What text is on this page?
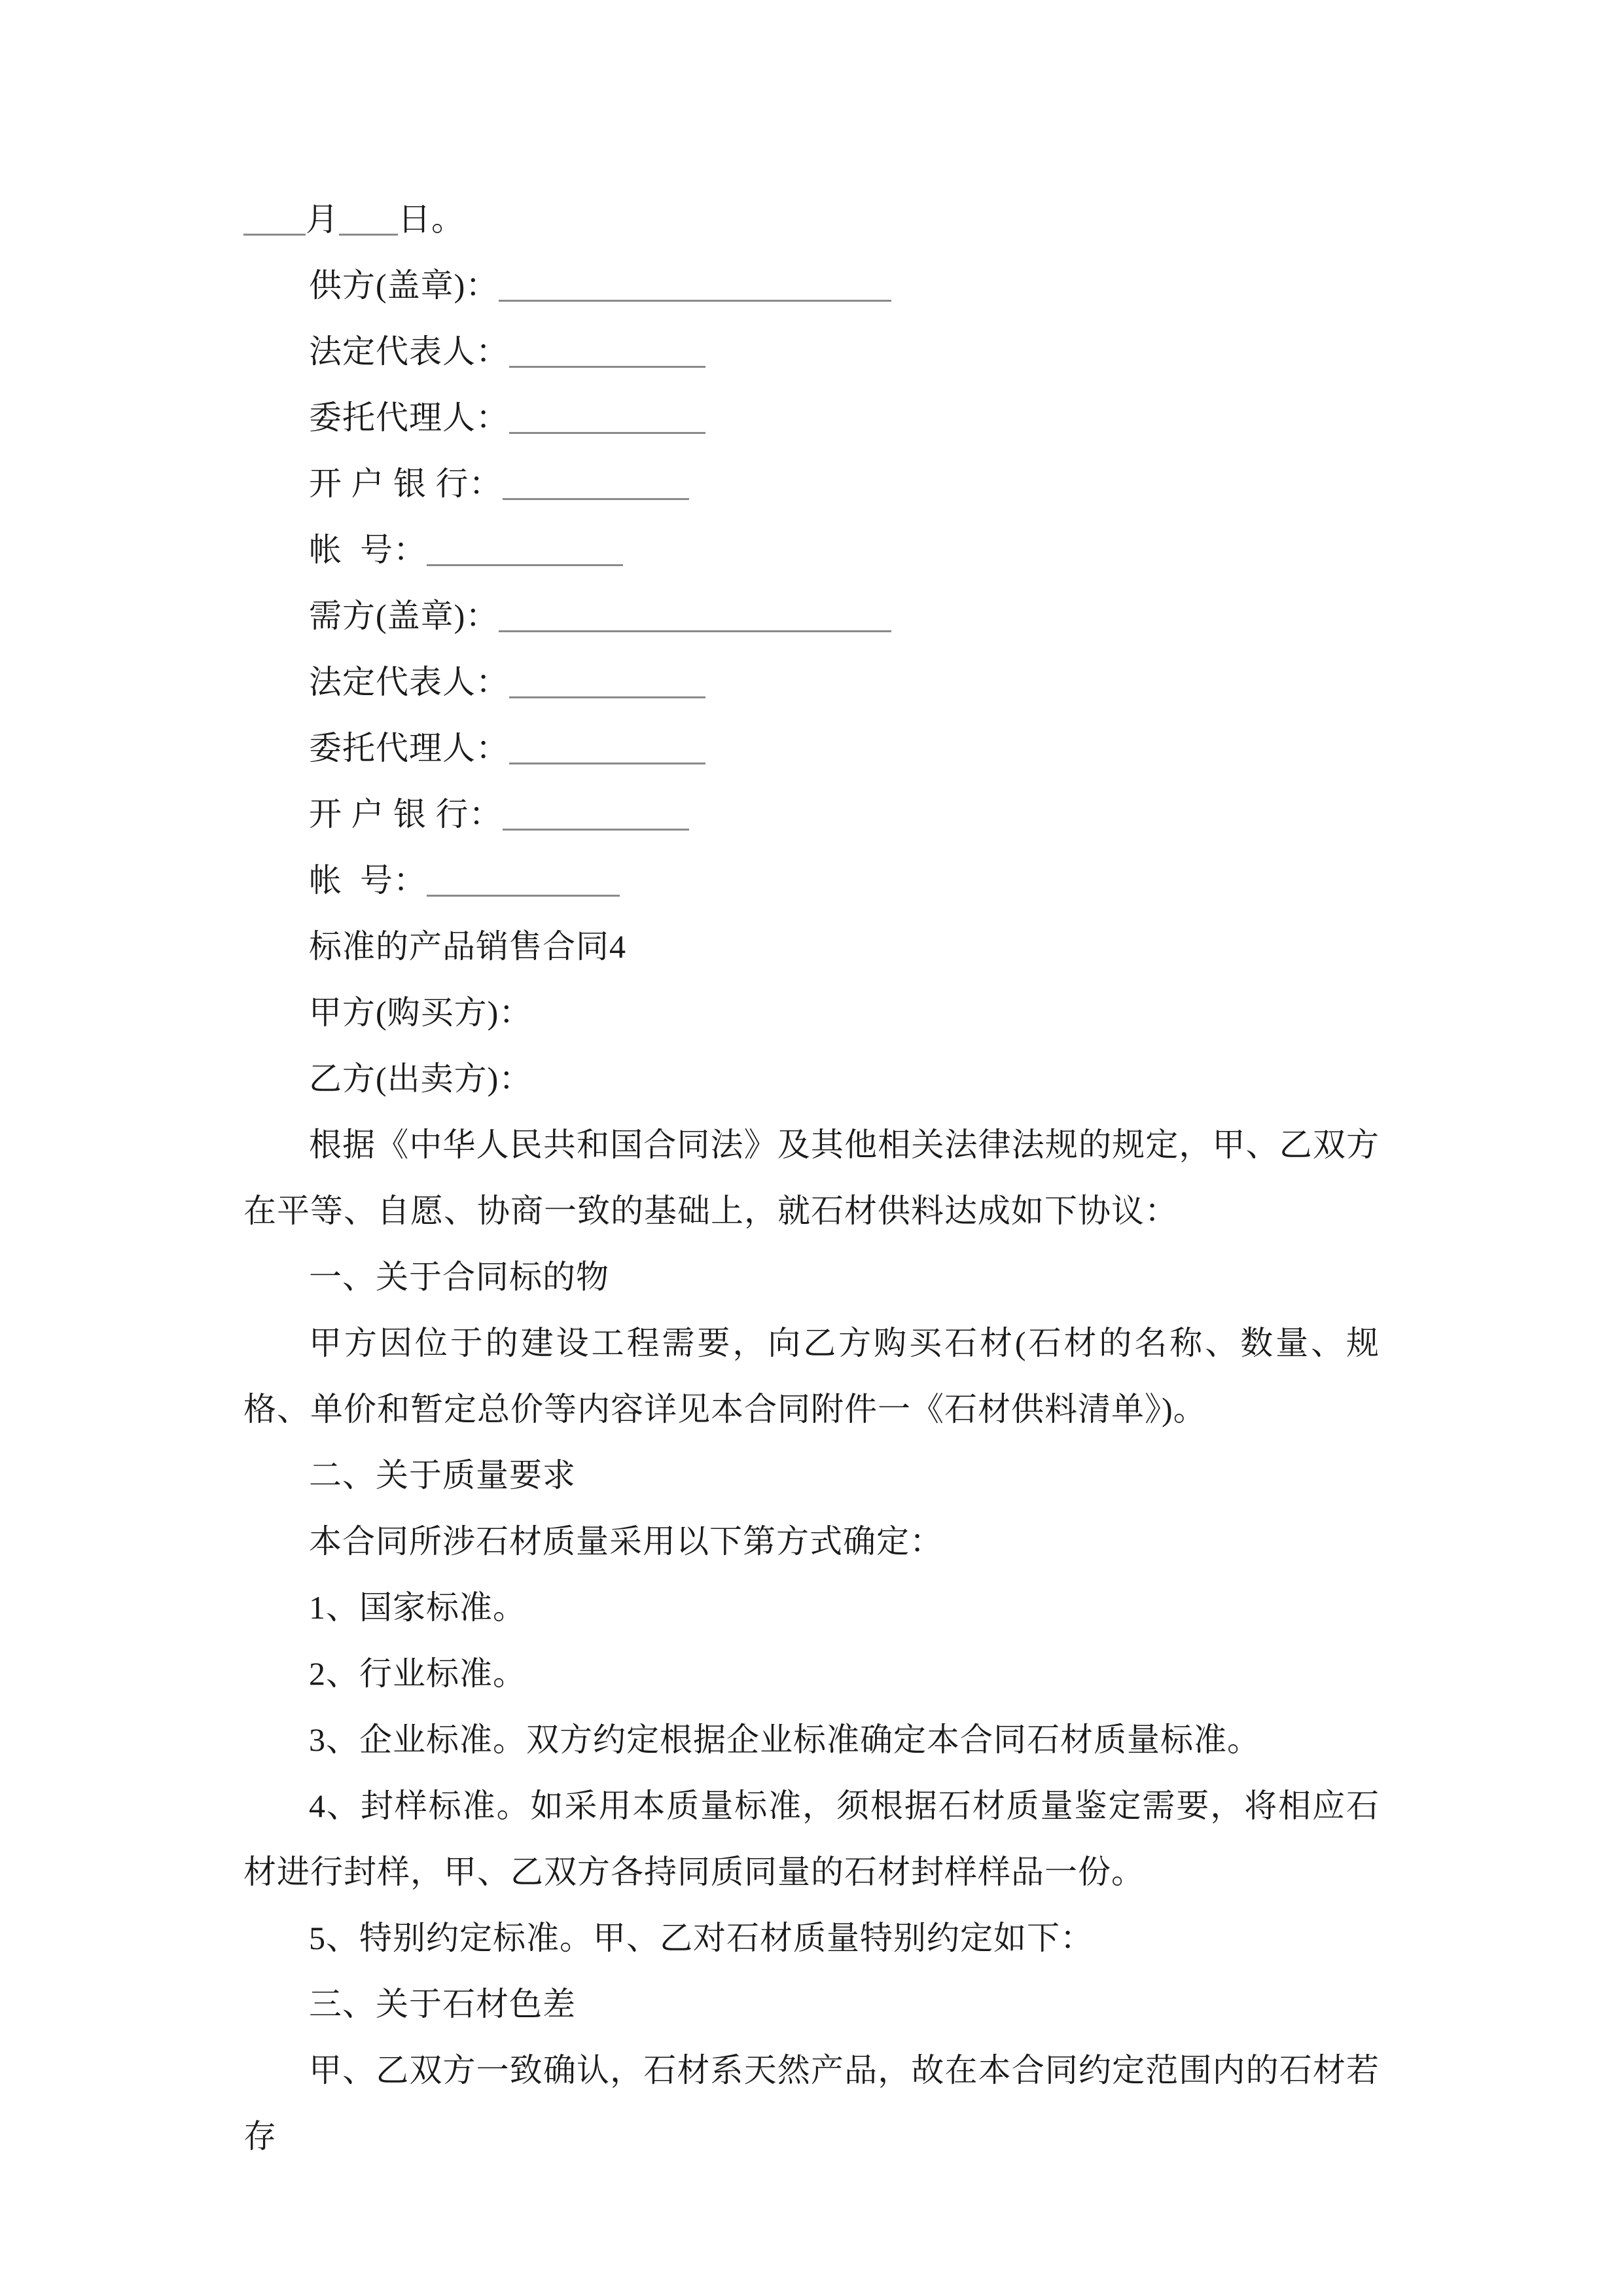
月 日。

供方(盖章)：

法定代表人：

委托代理人：

开 户 银 行：

帐  号：

需方(盖章)：

法定代表人：

委托代理人：

开 户 银 行：

帐  号：

标准的产品销售合同4

甲方(购买方)：

乙方(出卖方)：

根据《中华人民共和国合同法》及其他相关法律法规的规定，甲、乙双方在平等、自愿、协商一致的基础上，就石材供料达成如下协议：

一、关于合同标的物

甲方因位于的建设工程需要，向乙方购买石材(石材的名称、数量、规格、单价和暂定总价等内容详见本合同附件一《石材供料清单》)。

二、关于质量要求

本合同所涉石材质量采用以下第方式确定：

1、国家标准。

2、行业标准。

3、企业标准。双方约定根据企业标准确定本合同石材质量标准。

4、封样标准。如采用本质量标准，须根据石材质量鉴定需要，将相应石材进行封样，甲、乙双方各持同质同量的石材封样样品一份。

5、特别约定标准。甲、乙对石材质量特别约定如下：

三、关于石材色差

甲、乙双方一致确认，石材系天然产品，故在本合同约定范围内的石材若存
